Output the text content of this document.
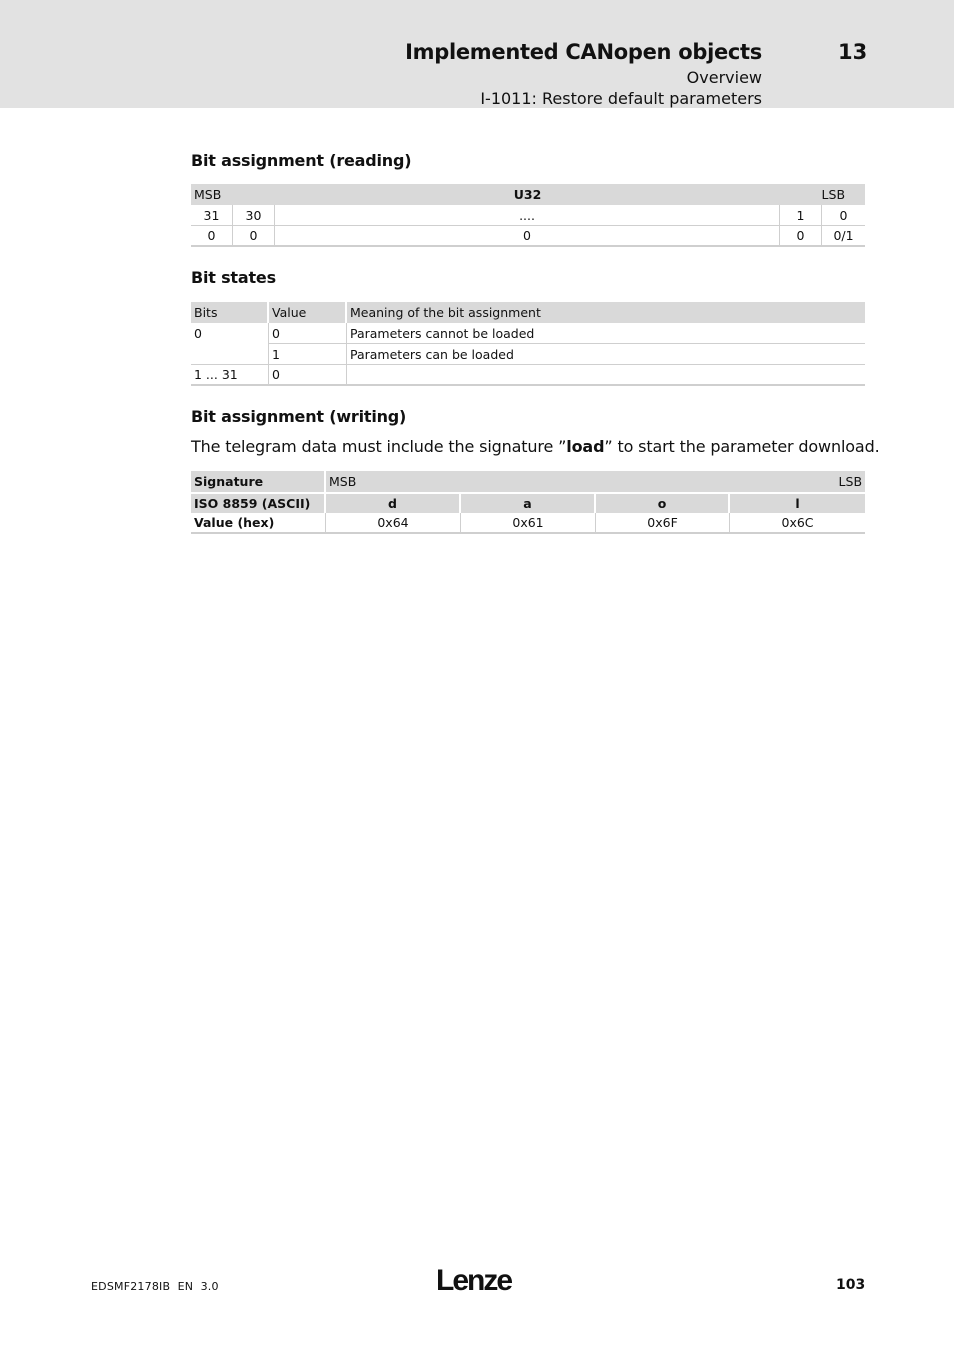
Implemented CANopen objects	13
Overview
I-1011: Restore default parameters
Bit assignment (reading)
MSB		U32	LSB	
31	30	....	1	0
0	0	0	0	0/1
Bit states
Bits	Value	Meaning of the bit assignment
0	0	Parameters cannot be loaded
	1	Parameters can be loaded
1 ... 31	0	
Bit assignment (writing)
The telegram data must include the signature ”load” to start the parameter download.
Signature	MSB		LSB	
ISO 8859 (ASCII)	d	a	o	l
Value (hex)	0x64	0x61	0x6F	0x6C
EDSMF2178IB  EN  3.0	Lenze	103
